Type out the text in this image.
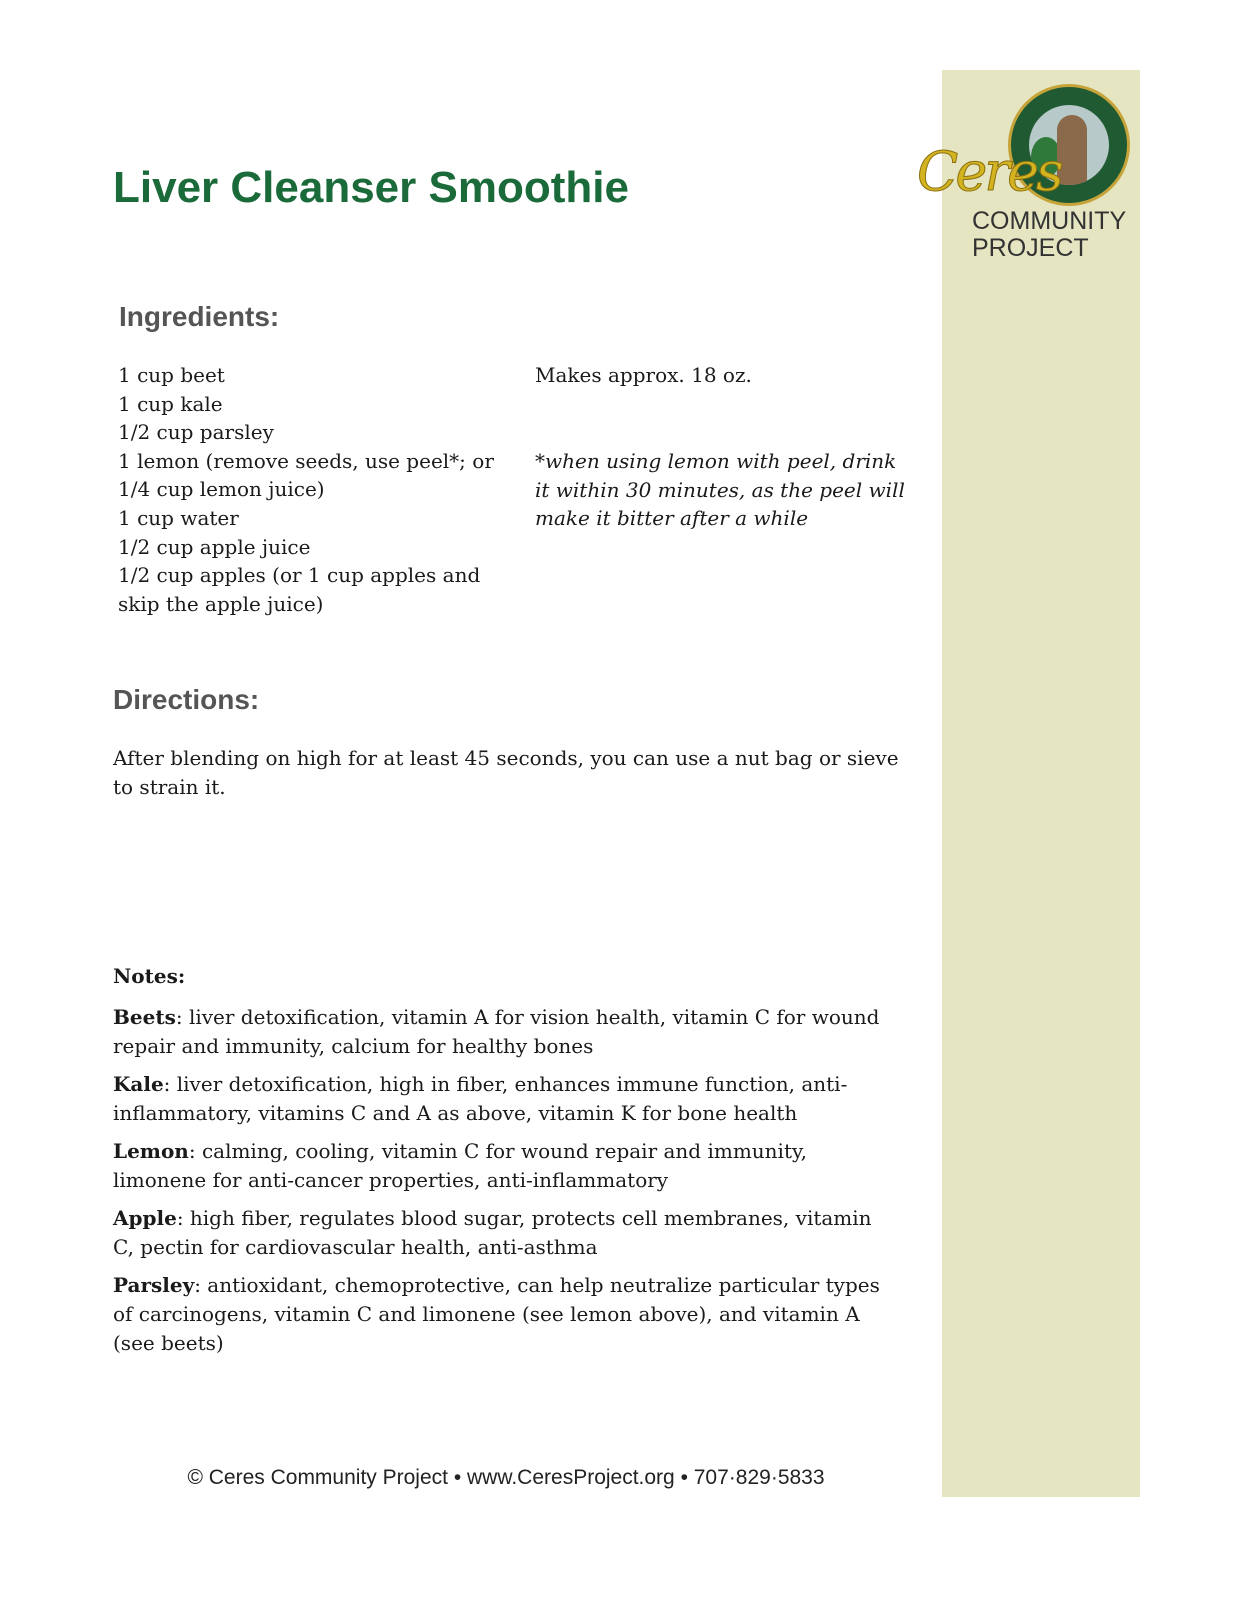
Ceres
COMMUNITY
PROJECT
Liver Cleanser Smoothie
Ingredients:
1 cup beet
1 cup kale
1/2 cup parsley
1 lemon (remove seeds, use peel*; or
1/4 cup lemon juice)
1 cup water
1/2 cup apple juice
1/2 cup apples (or 1 cup apples and
skip the apple juice)
Makes approx. 18 oz.
*when using lemon with peel, drink
it within 30 minutes, as the peel will
make it bitter after a while
Directions:
After blending on high for at least 45 seconds, you can use a nut bag or sieve to strain it.
Notes:

Beets: liver detoxification, vitamin A for vision health, vitamin C for wound repair and immunity, calcium for healthy bones

Kale: liver detoxification, high in fiber, enhances immune function, anti-inflammatory, vitamins C and A as above, vitamin K for bone health

Lemon: calming, cooling, vitamin C for wound repair and immunity, limonene for anti-cancer properties, anti-inflammatory

Apple: high fiber, regulates blood sugar, protects cell membranes, vitamin C, pectin for cardiovascular health, anti-asthma

Parsley: antioxidant, chemoprotective, can help neutralize particular types of carcinogens, vitamin C and limonene (see lemon above), and vitamin A (see beets)

© Ceres Community Project • www.CeresProject.org • 707·829·5833
